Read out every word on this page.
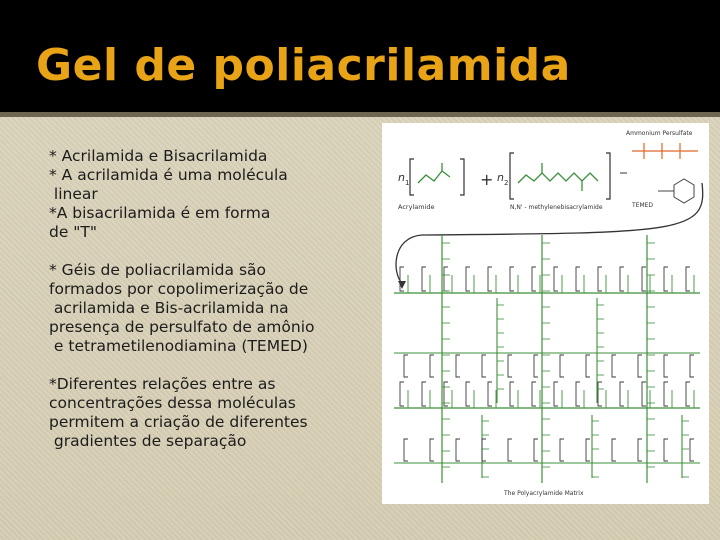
Gel de poliacrilamida

* Acrilamida e Bisacrilamida
* A acrilamida é uma molécula
linear
*A bisacrilamida é em forma
de "T"

* Géis de poliacrilamida são
formados por copolimerização de
acrilamida e Bis-acrilamida na
presença de persulfato de amônio
e tetrametilenodiamina (TEMED)

*Diferentes relações entre as
concentrações dessa moléculas
permitem a criação de diferentes
gradientes de separação

n 1
Acrylamide
+ n 2
N,N' - methylenebisacrylamide
Ammonium Persulfate
TEMED
The Polyacrylamide Matrix
